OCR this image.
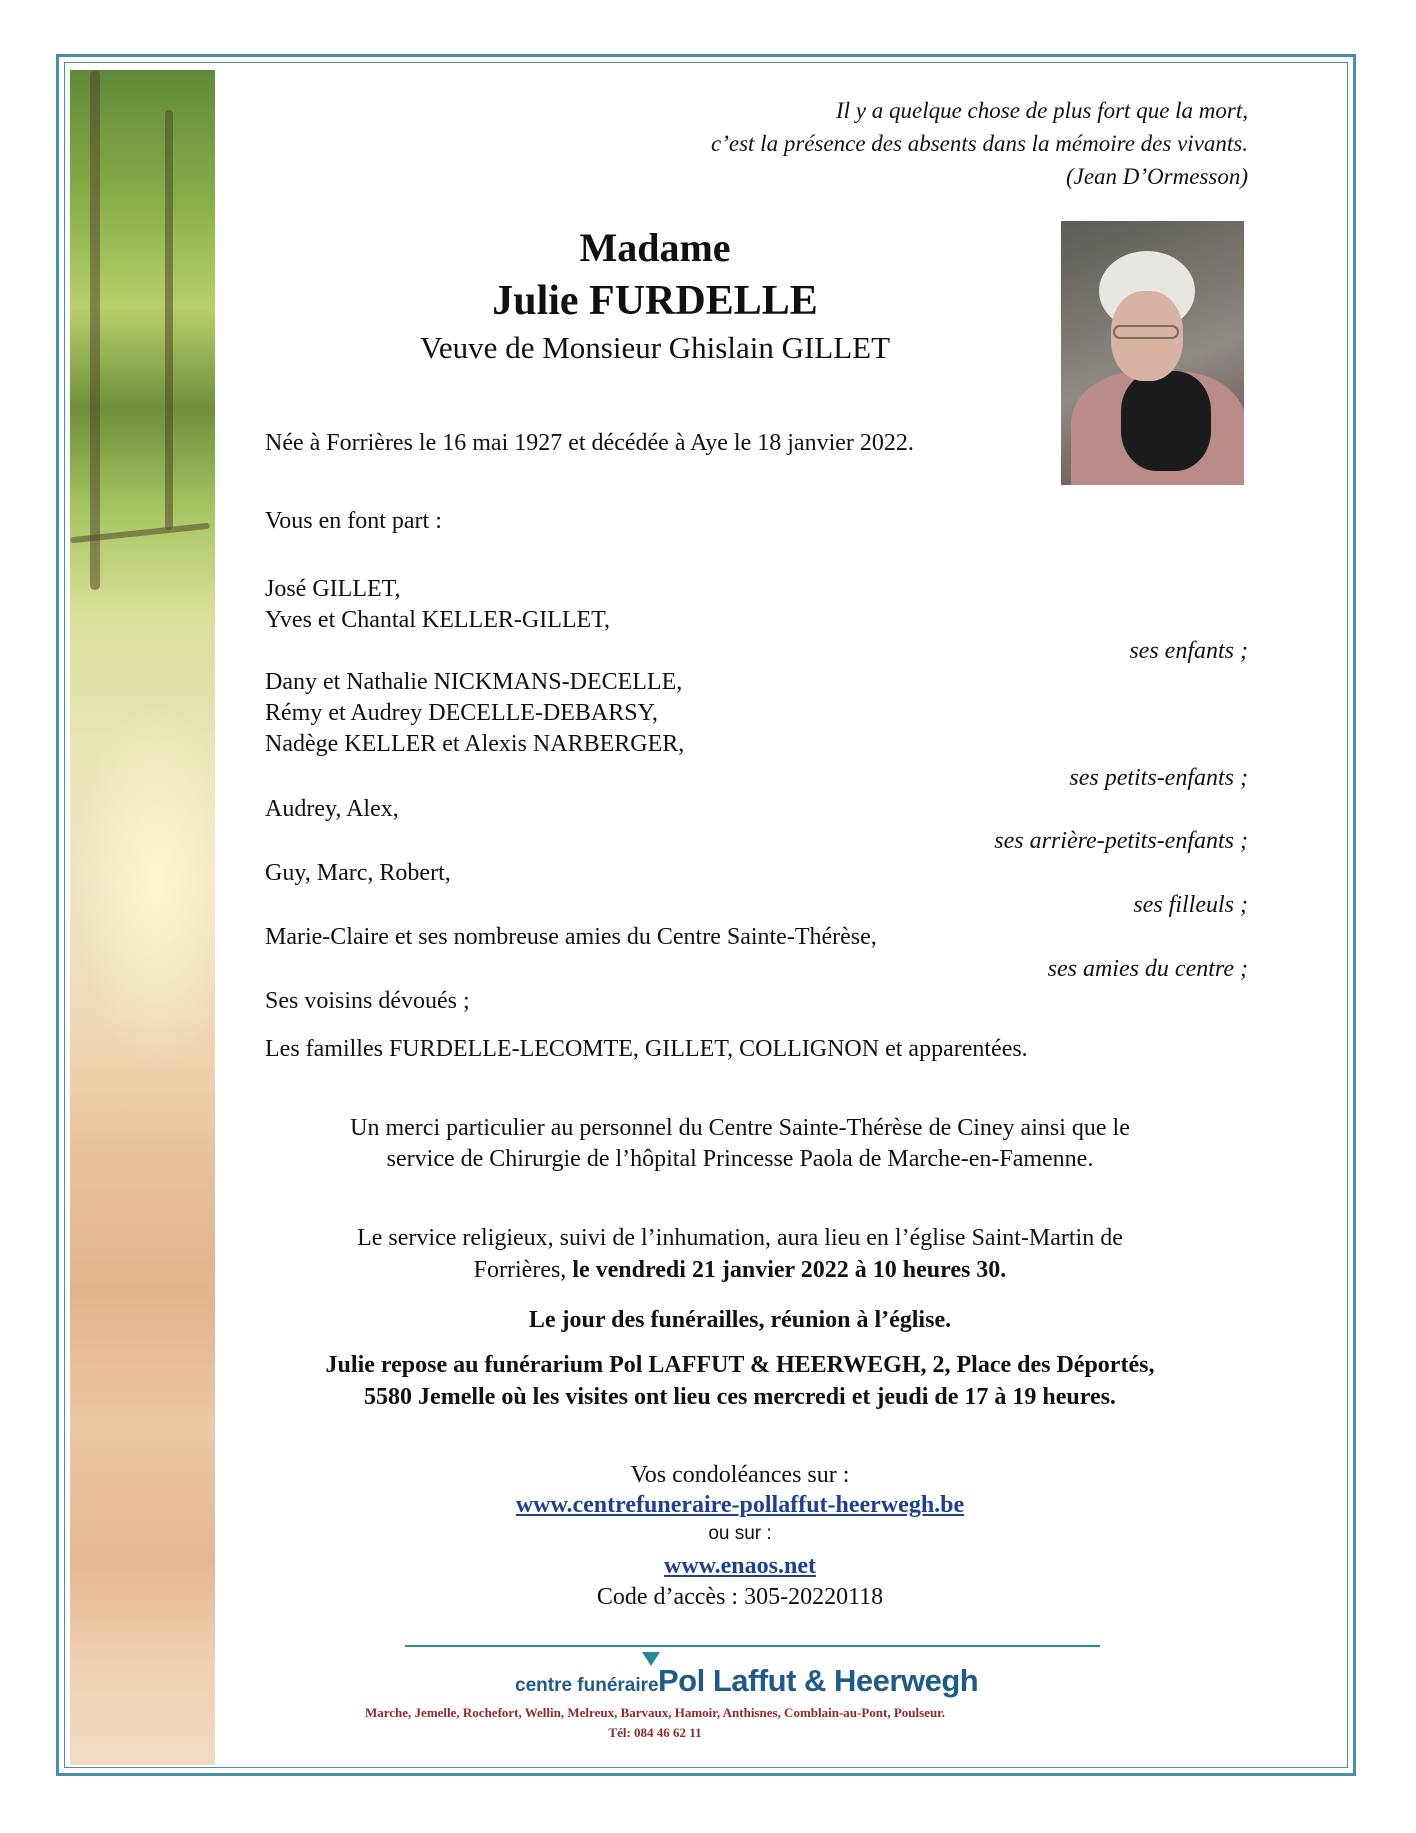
Il y a quelque chose de plus fort que la mort,
c’est la présence des absents dans la mémoire des vivants.
(Jean D’Ormesson)
Madame
Julie FURDELLE
Veuve de Monsieur Ghislain GILLET
Née à Forrières le 16 mai 1927 et décédée à Aye le 18 janvier 2022.
Vous en font part :
José GILLET,
Yves et Chantal KELLER-GILLET,
ses enfants ;
Dany et Nathalie NICKMANS-DECELLE,
Rémy et Audrey DECELLE-DEBARSY,
Nadège KELLER et Alexis NARBERGER,
ses petits-enfants ;
Audrey, Alex,
ses arrière-petits-enfants ;
Guy, Marc, Robert,
ses filleuls ;
Marie-Claire et ses nombreuse amies du Centre Sainte-Thérèse,
ses amies du centre ;
Ses voisins dévoués ;
Les familles FURDELLE-LECOMTE, GILLET, COLLIGNON et apparentées.
Un merci particulier au personnel du Centre Sainte-Thérèse de Ciney ainsi que le
service de Chirurgie de l’hôpital Princesse Paola de Marche-en-Famenne.
Le service religieux, suivi de l’inhumation, aura lieu en l’église Saint-Martin de
Forrières, le vendredi 21 janvier 2022 à 10 heures 30.
Le jour des funérailles, réunion à l’église.
Julie repose au funérarium Pol LAFFUT & HEERWEGH, 2, Place des Déportés,
5580 Jemelle où les visites ont lieu ces mercredi et jeudi de 17 à 19 heures.
Vos condoléances sur :
www.centrefuneraire-pollaffut-heerwegh.be
ou sur :
www.enaos.net
Code d’accès : 305-20220118
centre funéraire Pol Laffut & Heerwegh
Marche, Jemelle, Rochefort, Wellin, Melreux, Barvaux, Hamoir, Anthisnes, Comblain-au-Pont, Poulseur.
Tél: 084 46 62 11
